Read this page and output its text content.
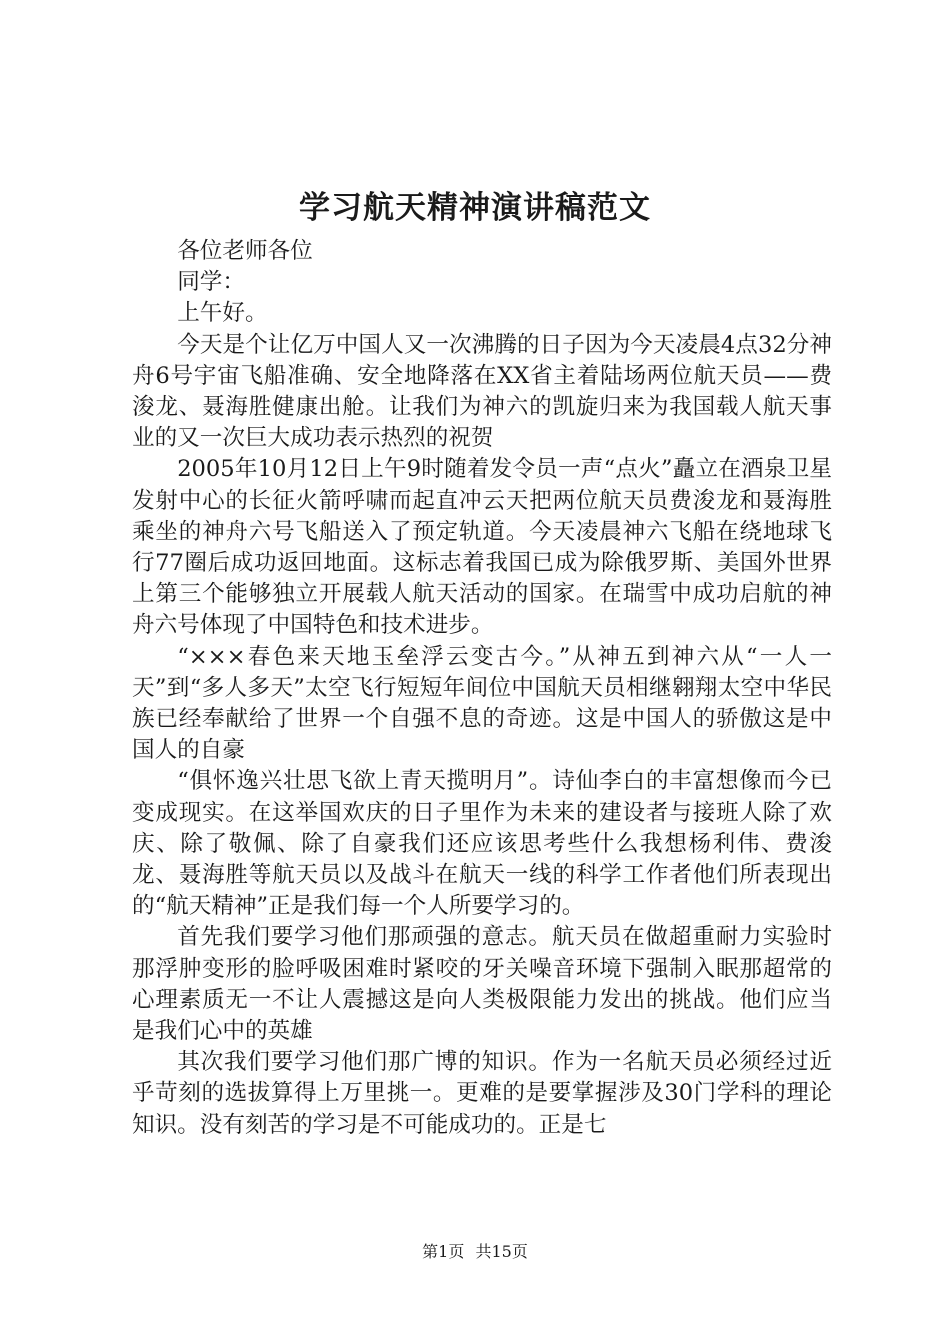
学习航天精神演讲稿范文

各位老师各位

同学：

上午好。

今天是个让亿万中国人又一次沸腾的日子因为今天凌晨4点32分神舟6号宇宙飞船准确、安全地降落在XX省主着陆场两位航天员——费浚龙、聂海胜健康出舱。让我们为神六的凯旋归来为我国载人航天事业的又一次巨大成功表示热烈的祝贺

2005年10月12日上午9时随着发令员一声“点火”矗立在酒泉卫星发射中心的长征火箭呼啸而起直冲云天把两位航天员费浚龙和聂海胜乘坐的神舟六号飞船送入了预定轨道。今天凌晨神六飞船在绕地球飞行77圈后成功返回地面。这标志着我国已成为除俄罗斯、美国外世界上第三个能够独立开展载人航天活动的国家。在瑞雪中成功启航的神舟六号体现了中国特色和技术进步。

“×××春色来天地玉垒浮云变古今。”从神五到神六从“一人一天”到“多人多天”太空飞行短短年间位中国航天员相继翱翔太空中华民族已经奉献给了世界一个自强不息的奇迹。这是中国人的骄傲这是中国人的自豪

“俱怀逸兴壮思飞欲上青天揽明月”。诗仙李白的丰富想像而今已变成现实。在这举国欢庆的日子里作为未来的建设者与接班人除了欢庆、除了敬佩、除了自豪我们还应该思考些什么我想杨利伟、费浚龙、聂海胜等航天员以及战斗在航天一线的科学工作者他们所表现出的“航天精神”正是我们每一个人所要学习的。

首先我们要学习他们那顽强的意志。航天员在做超重耐力实验时那浮肿变形的脸呼吸困难时紧咬的牙关噪音环境下强制入眠那超常的心理素质无一不让人震撼这是向人类极限能力发出的挑战。他们应当是我们心中的英雄

其次我们要学习他们那广博的知识。作为一名航天员必须经过近乎苛刻的选拔算得上万里挑一。更难的是要掌握涉及30门学科的理论知识。没有刻苦的学习是不可能成功的。正是七

第1页 共15页
